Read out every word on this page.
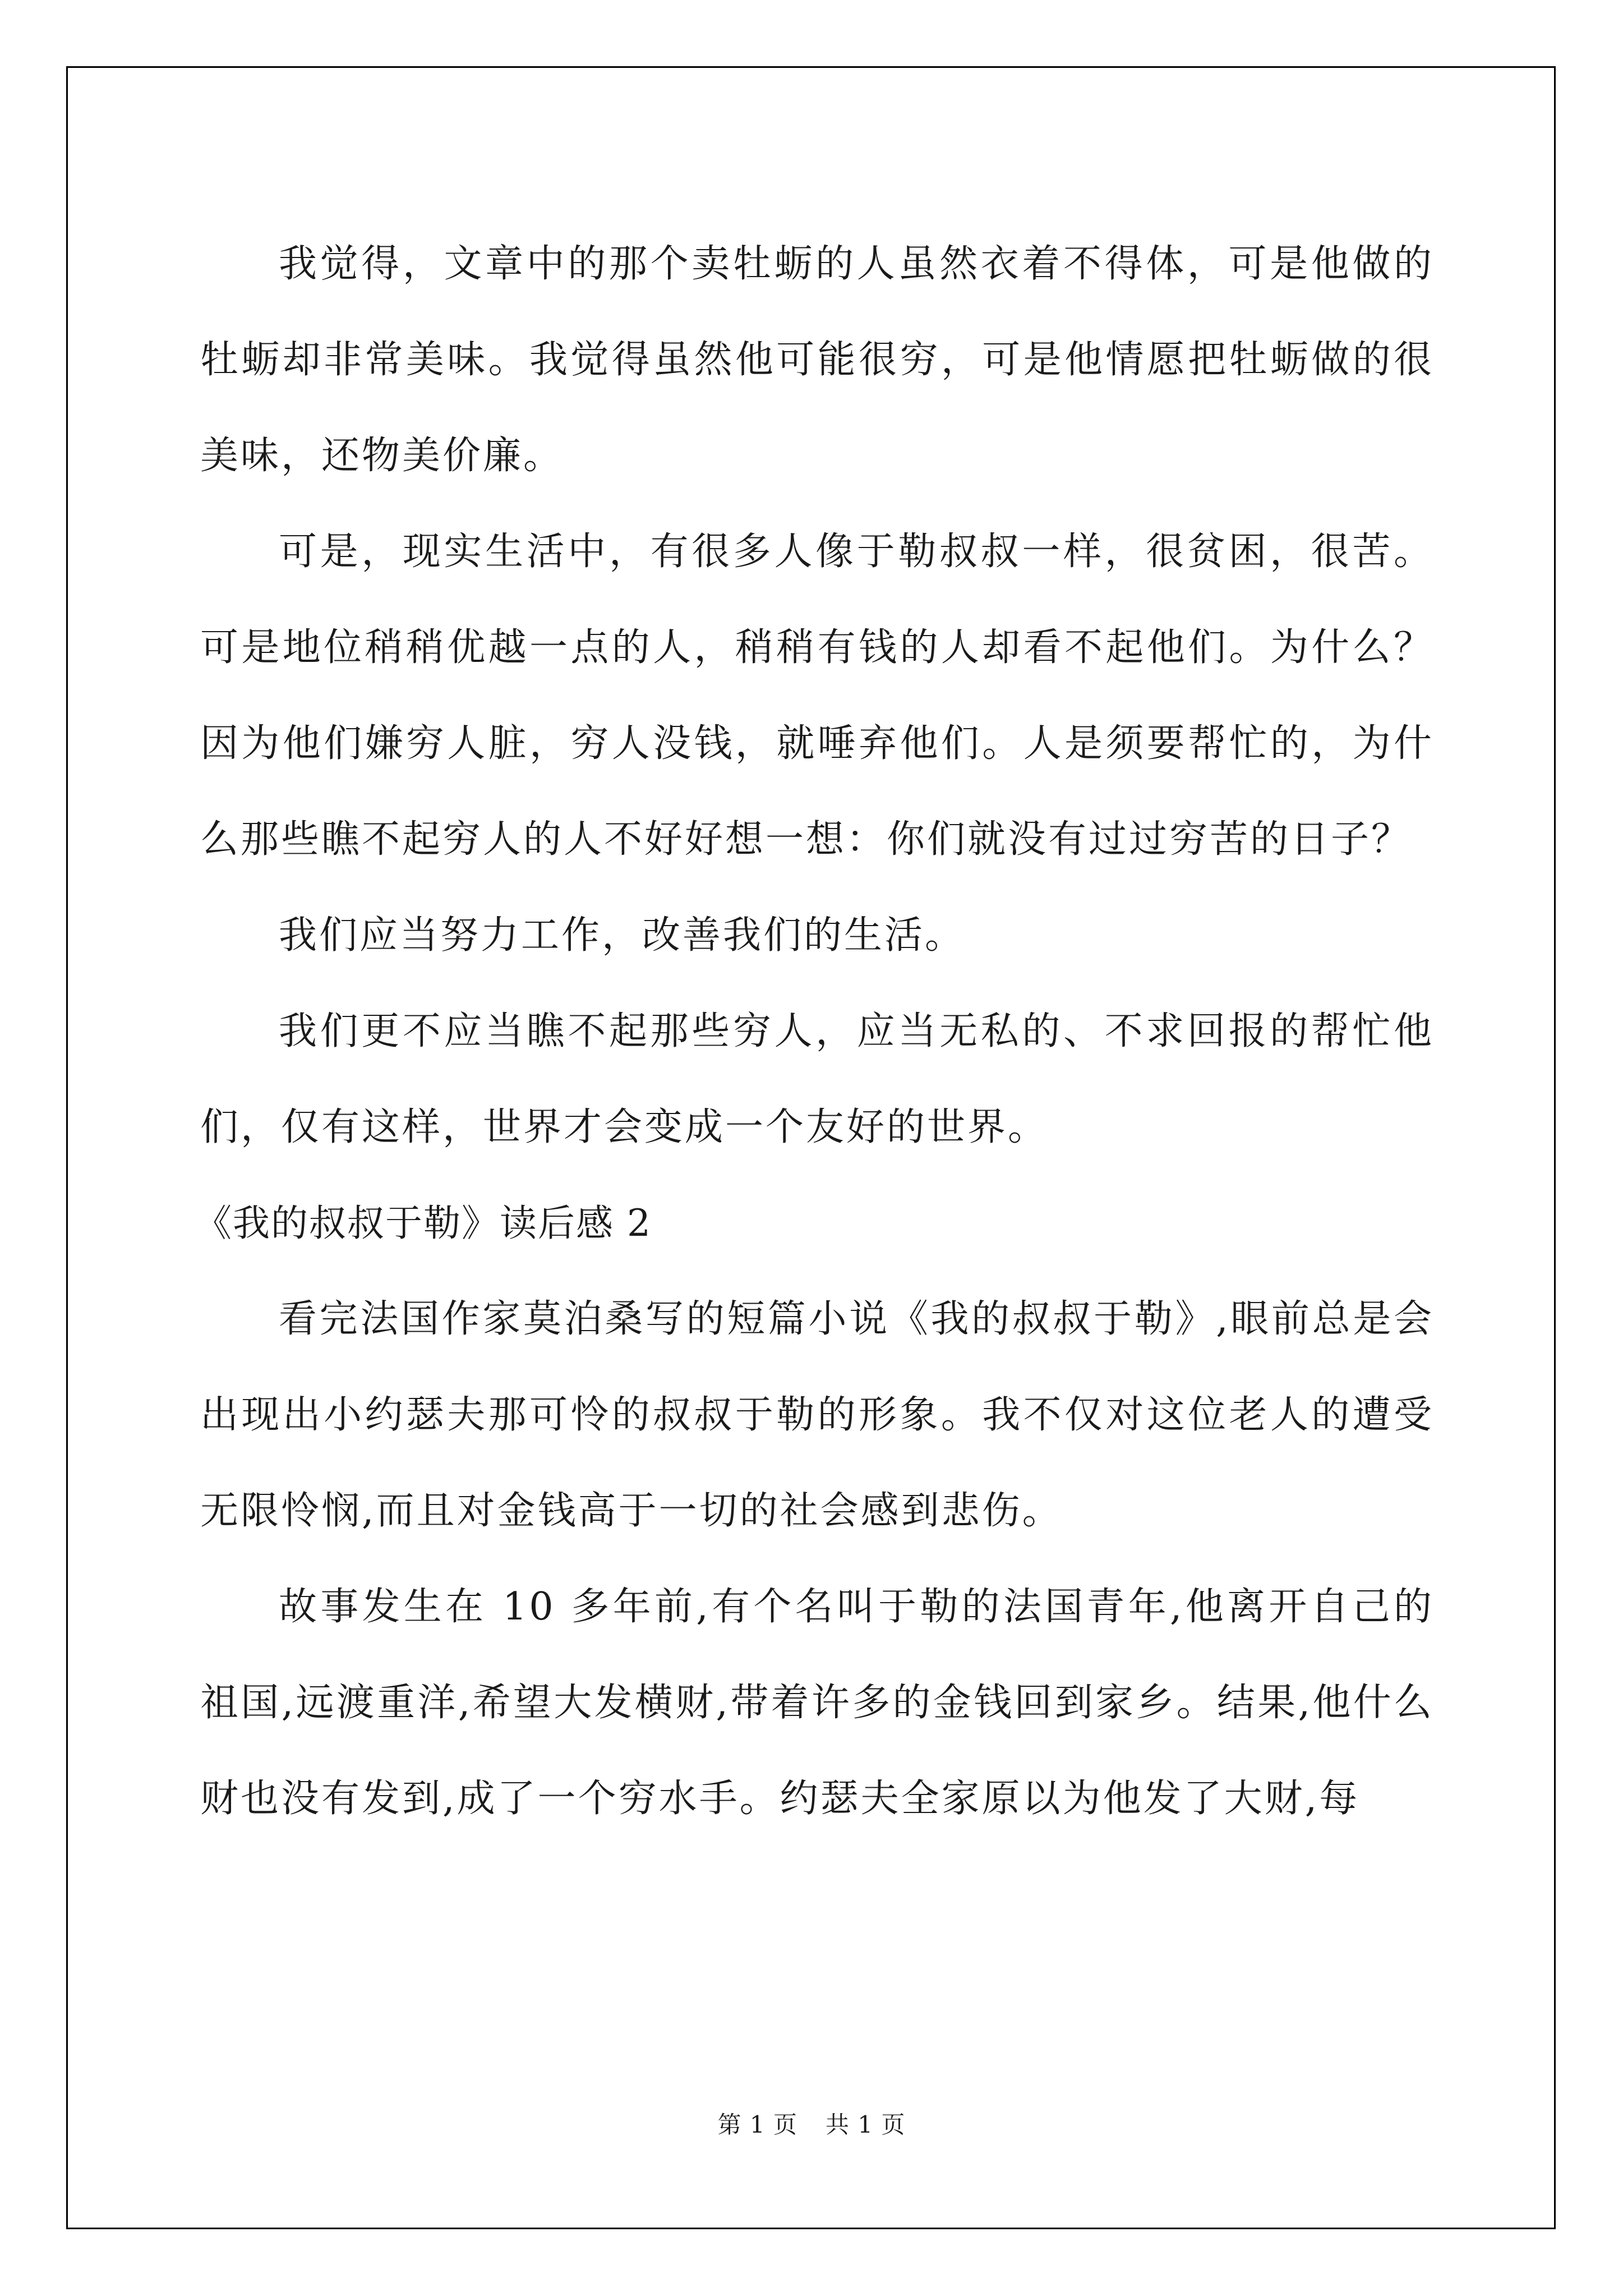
我觉得，文章中的那个卖牡蛎的人虽然衣着不得体，可是他做的牡蛎却非常美味。我觉得虽然他可能很穷，可是他情愿把牡蛎做的很美味，还物美价廉。

可是，现实生活中，有很多人像于勒叔叔一样，很贫困，很苦。可是地位稍稍优越一点的人，稍稍有钱的人却看不起他们。为什么？因为他们嫌穷人脏，穷人没钱，就唾弃他们。人是须要帮忙的，为什么那些瞧不起穷人的人不好好想一想：你们就没有过过穷苦的日子？

我们应当努力工作，改善我们的生活。

我们更不应当瞧不起那些穷人，应当无私的、不求回报的帮忙他们，仅有这样，世界才会变成一个友好的世界。

《我的叔叔于勒》读后感 2

看完法国作家莫泊桑写的短篇小说《我的叔叔于勒》,眼前总是会出现出小约瑟夫那可怜的叔叔于勒的形象。我不仅对这位老人的遭受无限怜悯,而且对金钱高于一切的社会感到悲伤。

故事发生在 10 多年前,有个名叫于勒的法国青年,他离开自己的祖国,远渡重洋,希望大发横财,带着许多的金钱回到家乡。结果,他什么财也没有发到,成了一个穷水手。约瑟夫全家原以为他发了大财,每

第 1 页 共 1 页
